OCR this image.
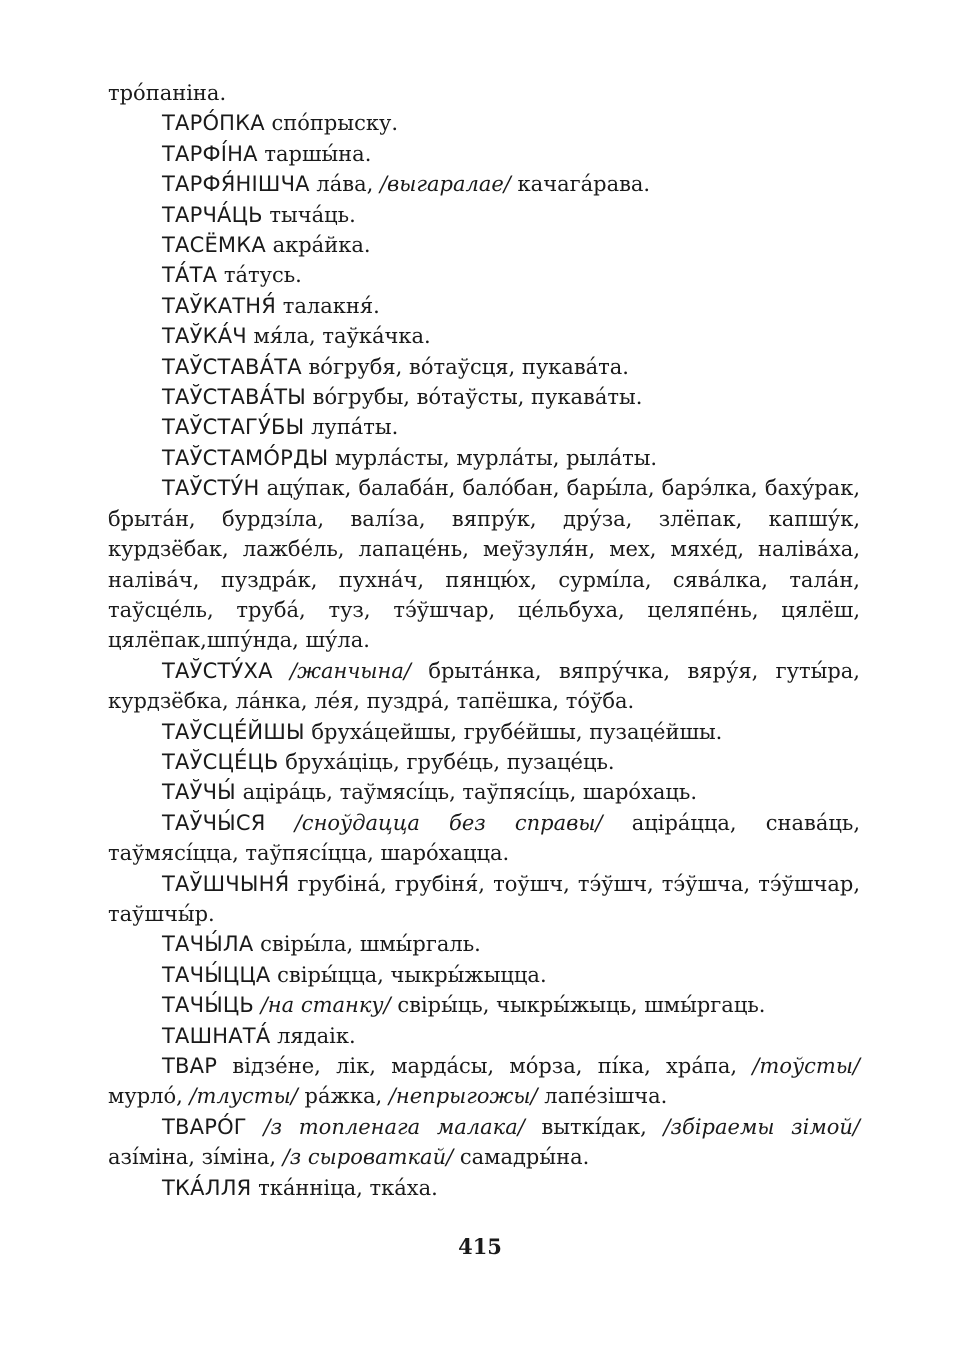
тро́паніна.

ТАРО́ПКА спо́прыску.

ТАРФІ́НА таршы́на.

ТАРФЯ́НІШЧА ла́ва, /выгаралае/ качага́рава.

ТАРЧА́ЦЬ тыча́ць.

ТАСЁМКА акра́йка.

ТА́ТА та́тусь.

ТАЎКАТНЯ́ талакня́.

ТАЎКА́Ч мя́ла, таўка́чка.

ТАЎСТАВА́ТА во́грубя, во́таўсця, пукава́та.

ТАЎСТАВА́ТЫ во́грубы, во́таўсты, пукава́ты.

ТАЎСТАГУ́БЫ лупа́ты.

ТАЎСТАМО́РДЫ мурла́сты, мурла́ты, рыла́ты.

ТАЎСТУ́Н ацу́пак, балаба́н, бало́бан, бары́ла, барэ́лка, баху́рак, брыта́н, бурдзі́ла, валі́за, вяпру́к, дру́за, злёпак, капшу́к, курдзёбак, лажбе́ль, лапаце́нь, меўзуля́н, мех, мяхе́д, наліва́ха, наліва́ч, пуздра́к, пухна́ч, пянцю́х, сурмі́ла, сява́лка, тала́н, таўсце́ль, труба́, туз, тэ́ўшчар, це́льбуха, целяпе́нь, цялёш, цялёпак,шпу́нда, шу́ла.

ТАЎСТУ́ХА /жанчына/ брыта́нка, вяпру́чка, вяру́я, гуты́ра, курдзёбка, ла́нка, ле́я, пуздра́, тапёшка, то́ўба.

ТАЎСЦЕ́ЙШЫ бруха́цейшы, грубе́йшы, пузаце́йшы.

ТАЎСЦЕ́ЦЬ бруха́ціць, грубе́ць, пузаце́ць.

ТАЎЧЫ́ аціра́ць, таўмясі́ць, таўпясі́ць, шаро́хаць.

ТАЎЧЫ́СЯ /сноўдацца без справы/ аціра́цца, снава́ць, таўмясі́цца, таўпясі́цца, шаро́хацца.

ТАЎШЧЫНЯ́ грубіна́, грубіня́, тоўшч, тэ́ўшч, тэ́ўшча, тэ́ўшчар, таўшчы́р.

ТАЧЫ́ЛА свіры́ла, шмы́ргаль.

ТАЧЫ́ЦЦА свіры́цца, чыкры́жыцца.

ТАЧЫ́ЦЬ /на станку/ свіры́ць, чыкры́жыць, шмы́ргаць.

ТАШНАТА́ лядаік.

ТВАР відзе́не, лік, марда́сы, мо́рза, пі́ка, хра́па, /тоўсты/ мурло́, /тлусты/ ра́жка, /непрыгожы/ лапе́зішча.

ТВАРО́Г /з топленага малака/ выткі́дак, /збіраемы зімой/ азі́міна, зі́міна, /з сыроваткай/ самадры́на.

ТКА́ЛЛЯ тка́нніца, тка́ха.

415
